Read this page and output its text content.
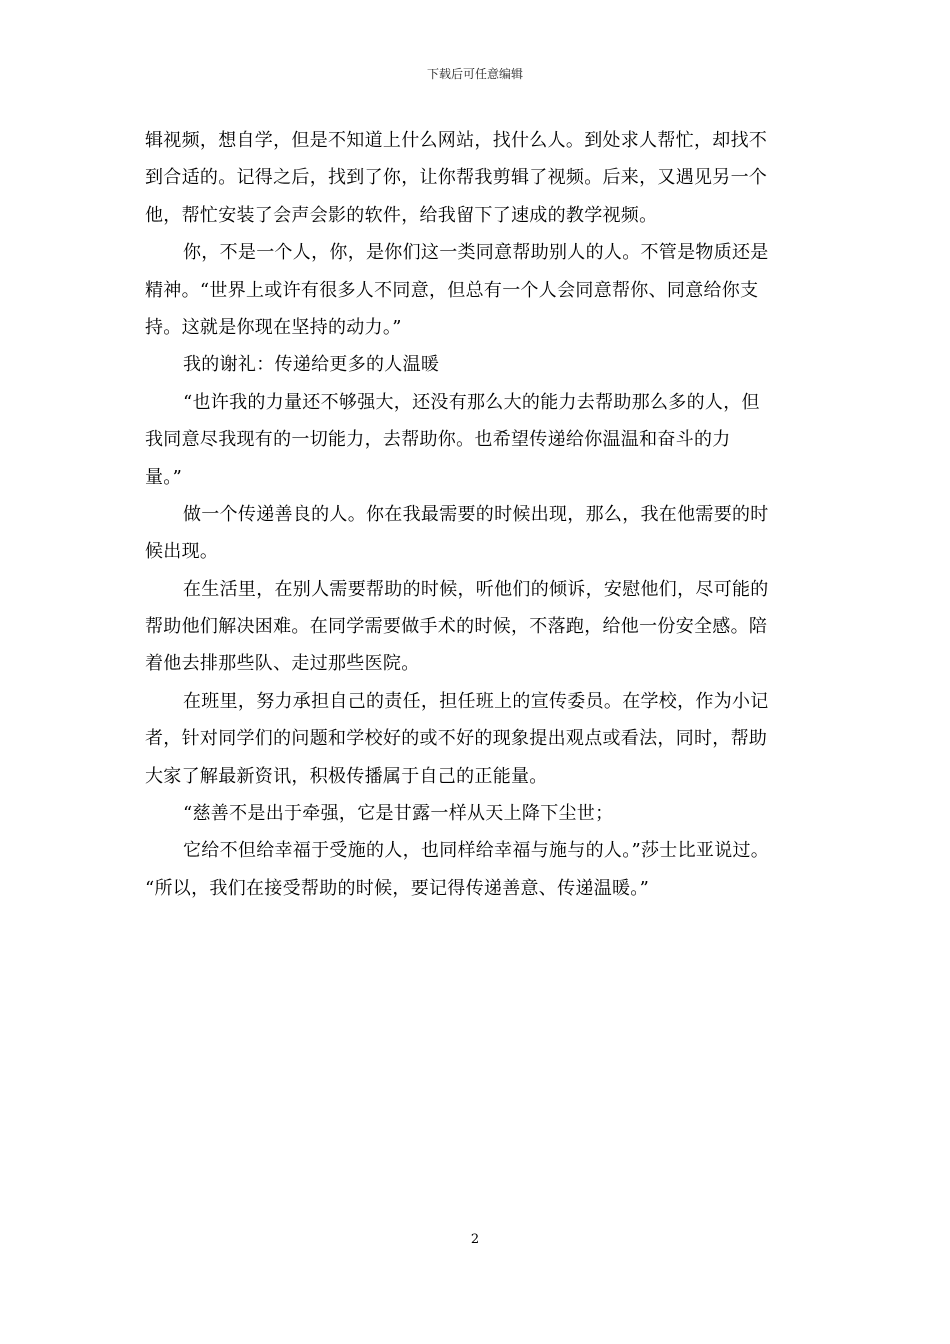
下载后可任意编辑
辑视频，想自学，但是不知道上什么网站，找什么人。到处求人帮忙，却找不
到合适的。记得之后，找到了你，让你帮我剪辑了视频。后来，又遇见另一个
他，帮忙安装了会声会影的软件，给我留下了速成的教学视频。
你，不是一个人，你，是你们这一类同意帮助别人的人。不管是物质还是
精神。“世界上或许有很多人不同意，但总有一个人会同意帮你、同意给你支
持。这就是你现在坚持的动力。”
我的谢礼：传递给更多的人温暖
“也许我的力量还不够强大，还没有那么大的能力去帮助那么多的人，但
我同意尽我现有的一切能力，去帮助你。也希望传递给你温温和奋斗的力
量。”
做一个传递善良的人。你在我最需要的时候出现，那么，我在他需要的时
候出现。
在生活里，在别人需要帮助的时候，听他们的倾诉，安慰他们，尽可能的
帮助他们解决困难。在同学需要做手术的时候，不落跑，给他一份安全感。陪
着他去排那些队、走过那些医院。
在班里，努力承担自己的责任，担任班上的宣传委员。在学校，作为小记
者，针对同学们的问题和学校好的或不好的现象提出观点或看法，同时，帮助
大家了解最新资讯，积极传播属于自己的正能量。
“慈善不是出于牵强，它是甘露一样从天上降下尘世；
它给不但给幸福于受施的人，也同样给幸福与施与的人。”莎士比亚说过。
“所以，我们在接受帮助的时候，要记得传递善意、传递温暖。”
2
